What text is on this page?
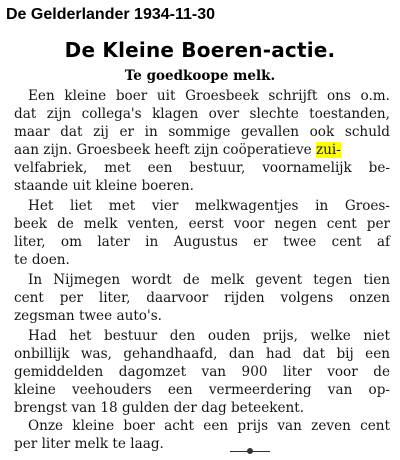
De Gelderlander 1934-11-30
De Kleine Boeren-actie.
Te goedkoope melk.
Een kleine boer uit Groesbeek schrijft ons o.m.
dat zijn collega's klagen over slechte toestanden,
maar dat zij er in sommige gevallen ook schuld
aan zijn. Groesbeek heeft zijn coöperatieve zui-
velfabriek, met een bestuur, voornamelijk be-
staande uit kleine boeren.
Het liet met vier melkwagentjes in Groes-
beek de melk venten, eerst voor negen cent per
liter, om later in Augustus er twee cent af
te doen.
In Nijmegen wordt de melk gevent tegen tien
cent per liter, daarvoor rijden volgens onzen
zegsman twee auto's.
Had het bestuur den ouden prijs, welke niet
onbillijk was, gehandhaafd, dan had dat bij een
gemiddelden dagomzet van 900 liter voor de
kleine veehouders een vermeerdering van op-
brengst van 18 gulden der dag beteekent.
Onze kleine boer acht een prijs van zeven cent
per liter melk te laag.
